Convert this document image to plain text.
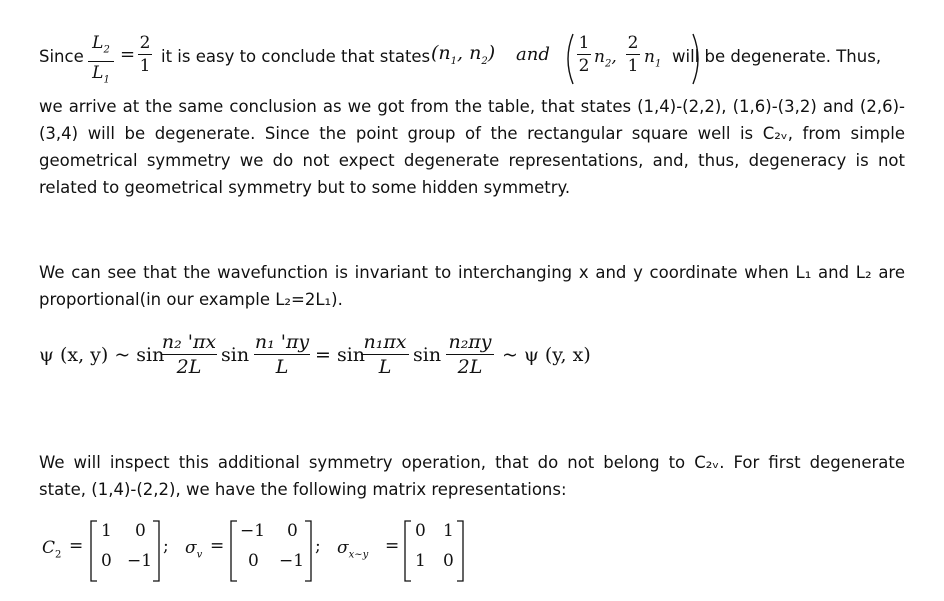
Since
$L_2$
$L_1$
=
2
1 it is easy to conclude that states ($n_1$, $n_2$) and
1
2 $n_2$,
2
1 $n_1$ will be degenerate. Thus,
we arrive at the same conclusion as we got from the table, that states (1,4)-(2,2), (1,6)-(3,2) and (2,6)-
(3,4) will be degenerate. Since the point group of the rectangular square well is C₂ᵥ, from simple
geometrical symmetry we do not expect degenerate representations, and, thus, degeneracy is not
related to geometrical symmetry but to some hidden symmetry.
We can see that the wavefunction is invariant to interchanging x and y coordinate when L₁ and L₂ are
proportional(in our example L₂=2L₁).
ψ (x, y) ~ sin
n₂ 'πx
2L
sin
n₁ 'πy
L
= sin
n₁πx
L
sin
n₂πy
2L
~ ψ (y, x)
We will inspect this additional symmetry operation, that do not belong to C₂ᵥ. For first degenerate
state, (1,4)-(2,2), we have the following matrix representations:
$C_2$ =
1 0
0 −1
; $\sigma_v$ =
−1 0
0 −1
; $\sigma_{x\sim y}$ =
0 1
1 0
